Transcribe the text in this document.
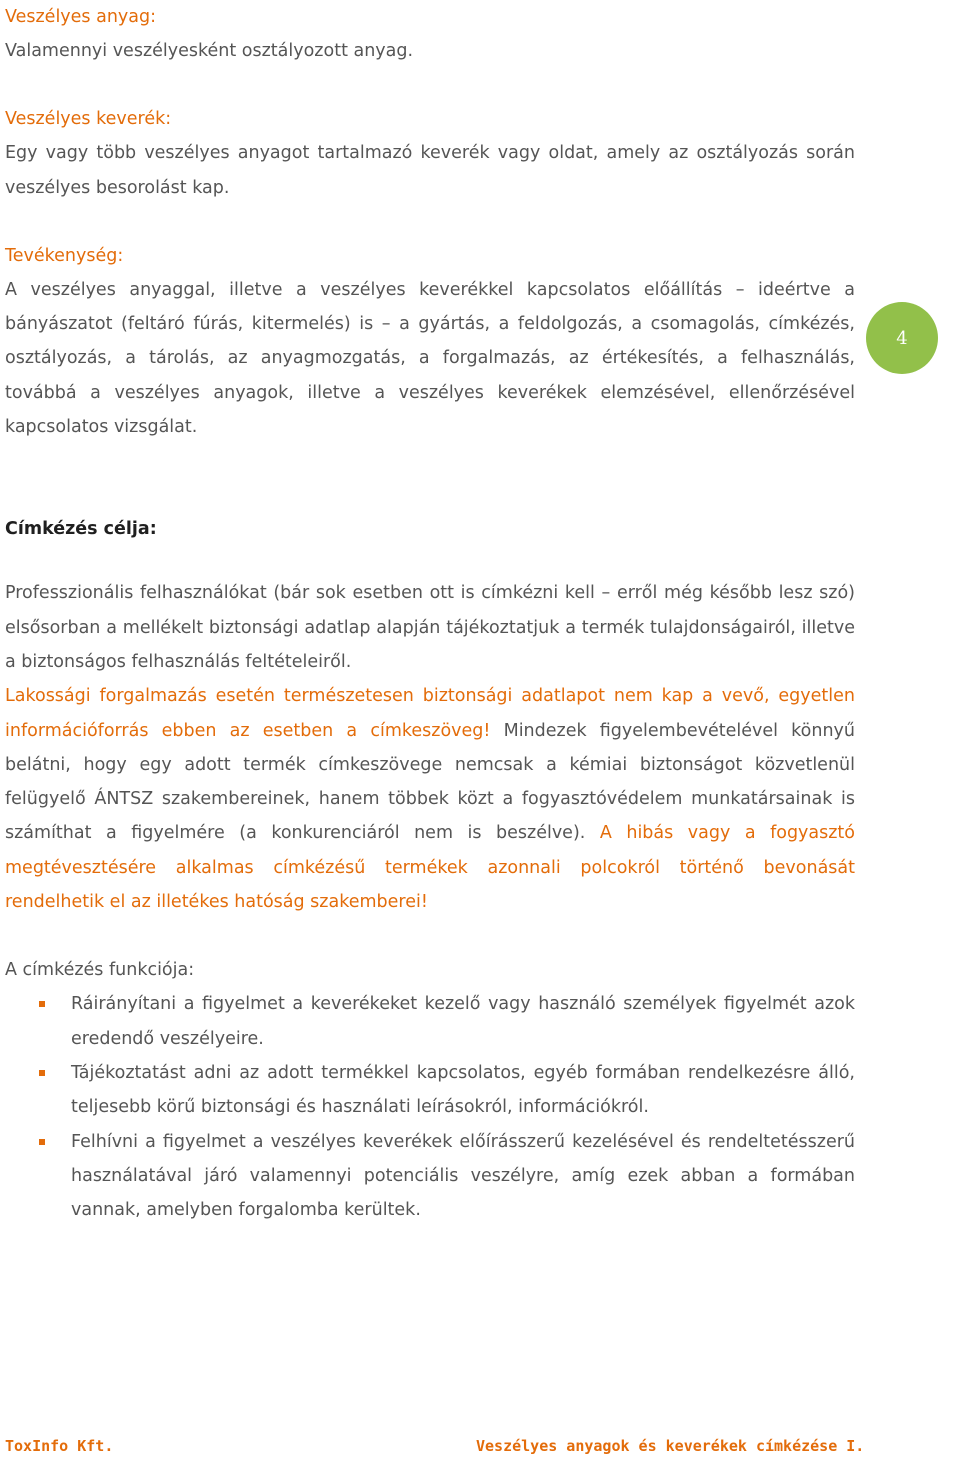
Veszélyes anyag:

Valamennyi veszélyesként osztályozott anyag.

Veszélyes keverék:

Egy vagy több veszélyes anyagot tartalmazó keverék vagy oldat, amely az osztályozás során veszélyes besorolást kap.

Tevékenység:

A veszélyes anyaggal, illetve a veszélyes keverékkel kapcsolatos előállítás – ideértve a bányászatot (feltáró fúrás, kitermelés) is – a gyártás, a feldolgozás, a csomagolás, címkézés, osztályozás, a tárolás, az anyagmozgatás, a forgalmazás, az értékesítés, a felhasználás, továbbá a veszélyes anyagok, illetve a veszélyes keverékek elemzésével, ellenőrzésével kapcsolatos vizsgálat.

Címkézés célja:

Professzionális felhasználókat (bár sok esetben ott is címkézni kell – erről még később lesz szó) elsősorban a mellékelt biztonsági adatlap alapján tájékoztatjuk a termék tulajdonságairól, illetve a biztonságos felhasználás feltételeiről.

Lakossági forgalmazás esetén természetesen biztonsági adatlapot nem kap a vevő, egyetlen információforrás ebben az esetben a címkeszöveg! Mindezek figyelembevételével könnyű belátni, hogy egy adott termék címkeszövege nemcsak a kémiai biztonságot közvetlenül felügyelő ÁNTSZ szakembereinek, hanem többek közt a fogyasztóvédelem munkatársainak is számíthat a figyelmére (a konkurenciáról nem is beszélve). A hibás vagy a fogyasztó megtévesztésére alkalmas címkézésű termékek azonnali polcokról történő bevonását rendelhetik el az illetékes hatóság szakemberei!

A címkézés funkciója:

Ráirányítani a figyelmet a keverékeket kezelő vagy használó személyek figyelmét azok eredendő veszélyeire.
Tájékoztatást adni az adott termékkel kapcsolatos, egyéb formában rendelkezésre álló, teljesebb körű biztonsági és használati leírásokról, információkról.
Felhívni a figyelmet a veszélyes keverékek előírásszerű kezelésével és rendeltetésszerű használatával járó valamennyi potenciális veszélyre, amíg ezek abban a formában vannak, amelyben forgalomba kerültek.
4
ToxInfo Kft.	Veszélyes anyagok és keverékek címkézése I.
